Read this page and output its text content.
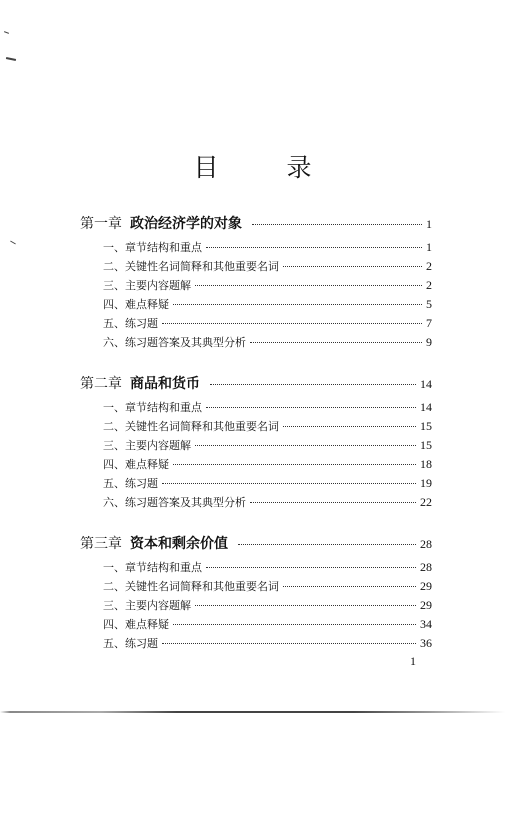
目 录
第一章 政治经济学的对象	1
一、章节结构和重点	1
二、关键性名词简释和其他重要名词	2
三、主要内容题解	2
四、难点释疑	5
五、练习题	7
六、练习题答案及其典型分析	9
第二章 商品和货币	14
一、章节结构和重点	14
二、关键性名词简释和其他重要名词	15
三、主要内容题解	15
四、难点释疑	18
五、练习题	19
六、练习题答案及其典型分析	22
第三章 资本和剩余价值	28
一、章节结构和重点	28
二、关键性名词简释和其他重要名词	29
三、主要内容题解	29
四、难点释疑	34
五、练习题	36
1
